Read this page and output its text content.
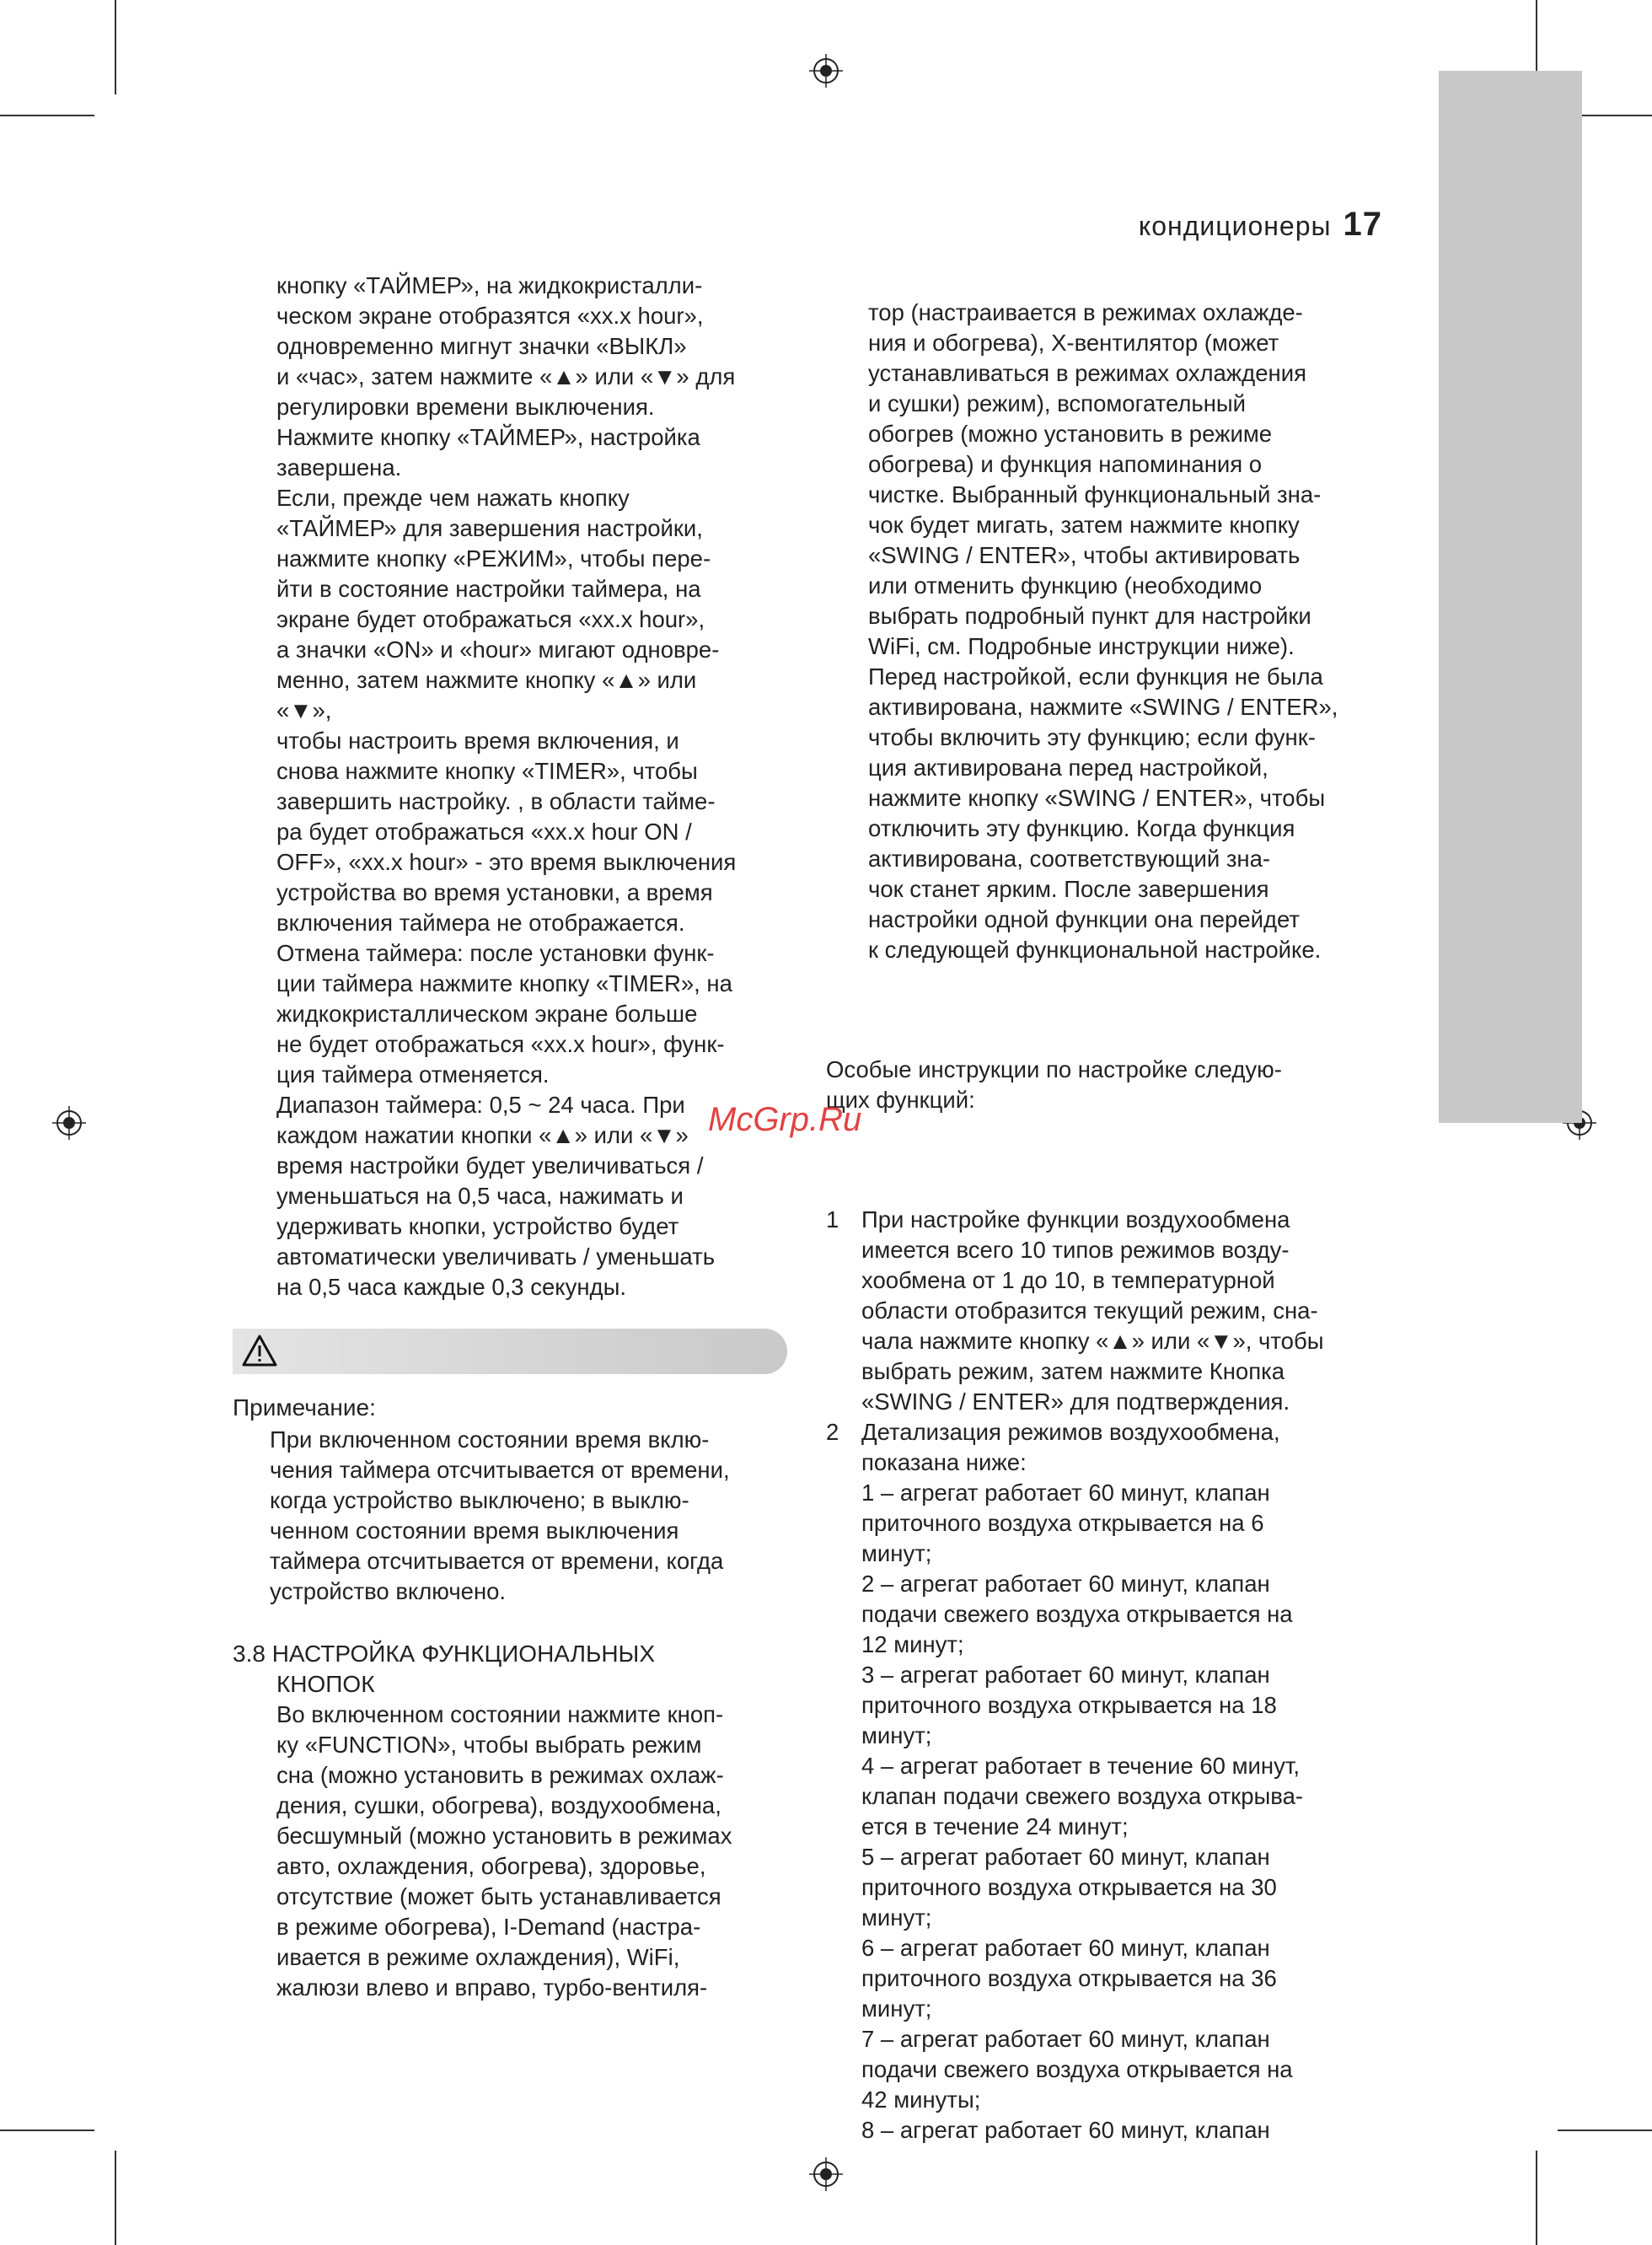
кондиционеры 17
кнопку «ТАЙМЕР», на жидкокристалли-
ческом экране отобразятся «xx.x hour»,
одновременно мигнут значки «ВЫКЛ»
и «час», затем нажмите «▲» или «▼» для
регулировки времени выключения.
Нажмите кнопку «ТАЙМЕР», настройка
завершена.
Если, прежде чем нажать кнопку
«ТАЙМЕР» для завершения настройки,
нажмите кнопку «РЕЖИМ», чтобы пере-
йти в состояние настройки таймера, на
экране будет отображаться «xx.x hour»,
а значки «ON» и «hour» мигают одновре-
менно, затем нажмите кнопку «▲» или
«▼»,
чтобы настроить время включения, и
снова нажмите кнопку «TIMER», чтобы
завершить настройку. , в области тайме-
ра будет отображаться «xx.x hour ON /
OFF», «xx.x hour» - это время выключения
устройства во время установки, а время
включения таймера не отображается.
Отмена таймера: после установки функ-
ции таймера нажмите кнопку «TIMER», на
жидкокристаллическом экране больше
не будет отображаться «xx.x hour», функ-
ция таймера отменяется.
Диапазон таймера: 0,5 ~ 24 часа. При
каждом нажатии кнопки «▲» или «▼»
время настройки будет увеличиваться /
уменьшаться на 0,5 часа, нажимать и
удерживать кнопки, устройство будет
автоматически увеличивать / уменьшать
на 0,5 часа каждые 0,3 секунды.
Примечание:
При включенном состоянии время вклю-
чения таймера отсчитывается от времени,
когда устройство выключено; в выклю-
ченном состоянии время выключения
таймера отсчитывается от времени, когда
устройство включено.
3.8 НАСТРОЙКА ФУНКЦИОНАЛЬНЫХ
КНОПОК
Во включенном состоянии нажмите кноп-
ку «FUNCTION», чтобы выбрать режим
сна (можно установить в режимах охлаж-
дения, сушки, обогрева), воздухообмена,
бесшумный (можно установить в режимах
авто, охлаждения, обогрева), здоровье,
отсутствие (может быть устанавливается
в режиме обогрева), I-Demand (настра-
ивается в режиме охлаждения), WiFi,
жалюзи влево и вправо, турбо-вентиля-

тор (настраивается в режимах охлажде-
ния и обогрева), X-вентилятор (может
устанавливаться в режимах охлаждения
и сушки) режим), вспомогательный
обогрев (можно установить в режиме
обогрева) и функция напоминания о
чистке. Выбранный функциональный зна-
чок будет мигать, затем нажмите кнопку
«SWING / ENTER», чтобы активировать
или отменить функцию (необходимо
выбрать подробный пункт для настройки
WiFi, см. Подробные инструкции ниже).
Перед настройкой, если функция не была
активирована, нажмите «SWING / ENTER»,
чтобы включить эту функцию; если функ-
ция активирована перед настройкой,
нажмите кнопку «SWING / ENTER», чтобы
отключить эту функцию. Когда функция
активирована, соответствующий зна-
чок станет ярким. После завершения
настройки одной функции она перейдет
к следующей функциональной настройке.

Особые инструкции по настройке следую-
щих функций:

1 При настройке функции воздухообмена
имеется всего 10 типов режимов возду-
хообмена от 1 до 10, в температурной
области отобразится текущий режим, сна-
чала нажмите кнопку «▲» или «▼», чтобы
выбрать режим, затем нажмите Кнопка
«SWING / ENTER» для подтверждения.
2 Детализация режимов воздухообмена,
показана ниже:
1 – агрегат работает 60 минут, клапан
приточного воздуха открывается на 6
минут;
2 – агрегат работает 60 минут, клапан
подачи свежего воздуха открывается на
12 минут;
3 – агрегат работает 60 минут, клапан
приточного воздуха открывается на 18
минут;
4 – агрегат работает в течение 60 минут,
клапан подачи свежего воздуха открыва-
ется в течение 24 минут;
5 – агрегат работает 60 минут, клапан
приточного воздуха открывается на 30
минут;
6 – агрегат работает 60 минут, клапан
приточного воздуха открывается на 36
минут;
7 – агрегат работает 60 минут, клапан
подачи свежего воздуха открывается на
42 минуты;
8 – агрегат работает 60 минут, клапан

McGrp.Ru
